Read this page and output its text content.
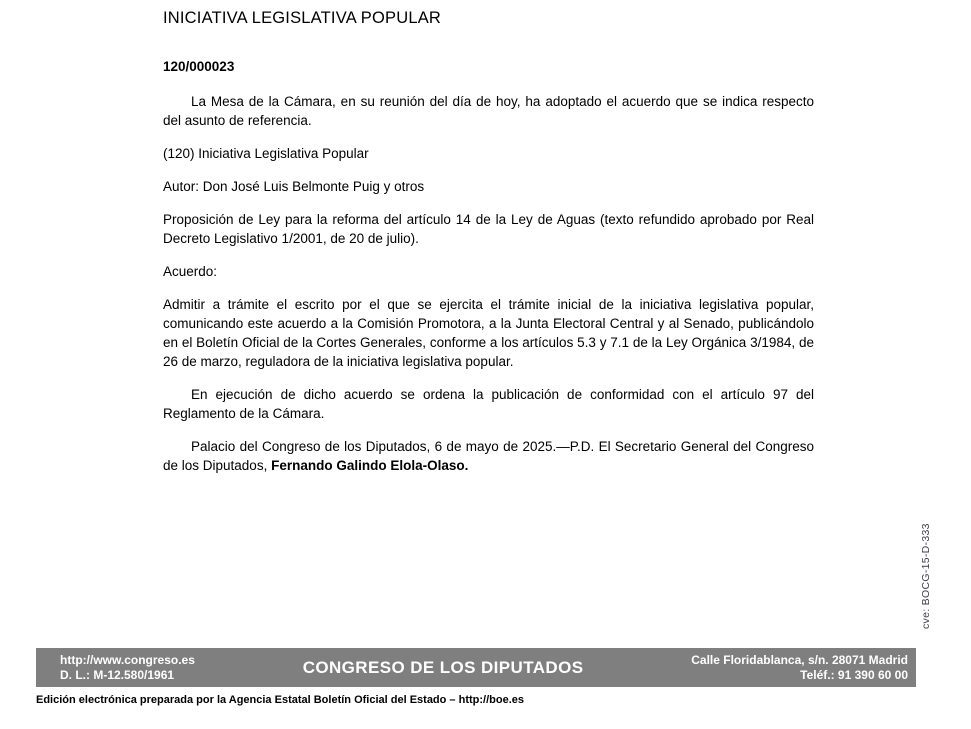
INICIATIVA LEGISLATIVA POPULAR
120/000023

La Mesa de la Cámara, en su reunión del día de hoy, ha adoptado el acuerdo que se indica respecto del asunto de referencia.

(120) Iniciativa Legislativa Popular

Autor: Don José Luis Belmonte Puig y otros

Proposición de Ley para la reforma del artículo 14 de la Ley de Aguas (texto refundido aprobado por Real Decreto Legislativo 1/2001, de 20 de julio).

Acuerdo:

Admitir a trámite el escrito por el que se ejercita el trámite inicial de la iniciativa legislativa popular, comunicando este acuerdo a la Comisión Promotora, a la Junta Electoral Central y al Senado, publicándolo en el Boletín Oficial de la Cortes Generales, conforme a los artículos 5.3 y 7.1 de la Ley Orgánica 3/1984, de 26 de marzo, reguladora de la iniciativa legislativa popular.

En ejecución de dicho acuerdo se ordena la publicación de conformidad con el artículo 97 del Reglamento de la Cámara.

Palacio del Congreso de los Diputados, 6 de mayo de 2025.—P.D. El Secretario General del Congreso de los Diputados, Fernando Galindo Elola-Olaso.

cve: BOCG-15-D-333
http://www.congreso.es
D. L.: M-12.580/1961	CONGRESO DE LOS DIPUTADOS	Calle Floridablanca, s/n. 28071 Madrid
Teléf.: 91 390 60 00
Edición electrónica preparada por la Agencia Estatal Boletín Oficial del Estado – http://boe.es
